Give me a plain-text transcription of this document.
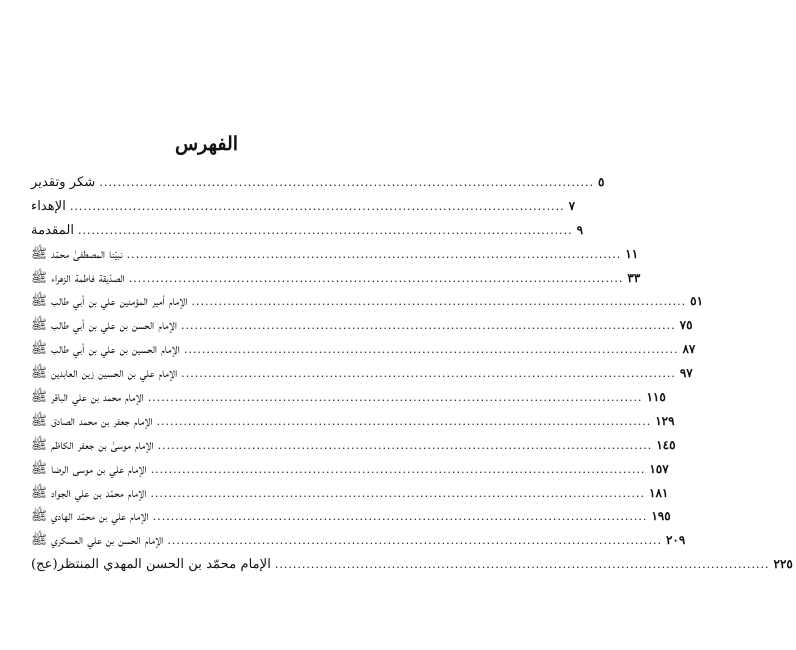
الفهرس
شكر وتقدير .............................................................................................................. ٥
الإهداء .............................................................................................................. ٧
المقدمة .............................................................................................................. ٩
نبيّنا المصطفىٰ محمّد ﷺ .............................................................................................................. ١١
الصدّيقة فاطمة الزهراء ﷺ .............................................................................................................. ٣٣
الإمام أمير المؤمنين علي بن أبي طالب ﷺ .............................................................................................................. ٥١
الإمام الحسن بن علي بن أبي طالب ﷺ .............................................................................................................. ٧٥
الإمام الحسين بن علي بن أبي طالب ﷺ .............................................................................................................. ٨٧
الإمام علي بن الحسين زين العابدين ﷺ .............................................................................................................. ٩٧
الإمام محمد بن علي الباقر ﷺ .............................................................................................................. ١١٥
الإمام جعفر بن محمد الصادق ﷺ .............................................................................................................. ١٢٩
الإمام موسىٰ بن جعفر الكاظم ﷺ .............................................................................................................. ١٤٥
الإمام علي بن موسى الرضا ﷺ .............................................................................................................. ١٥٧
الإمام محمّد بن علي الجواد ﷺ .............................................................................................................. ١٨١
الإمام علي بن محمّد الهادي ﷺ .............................................................................................................. ١٩٥
الإمام الحسن بن علي العسكري ﷺ .............................................................................................................. ٢٠٩
الإمام محمّد بن الحسن المهدي المنتظر(عج) .............................................................................................................. ٢٢٥
